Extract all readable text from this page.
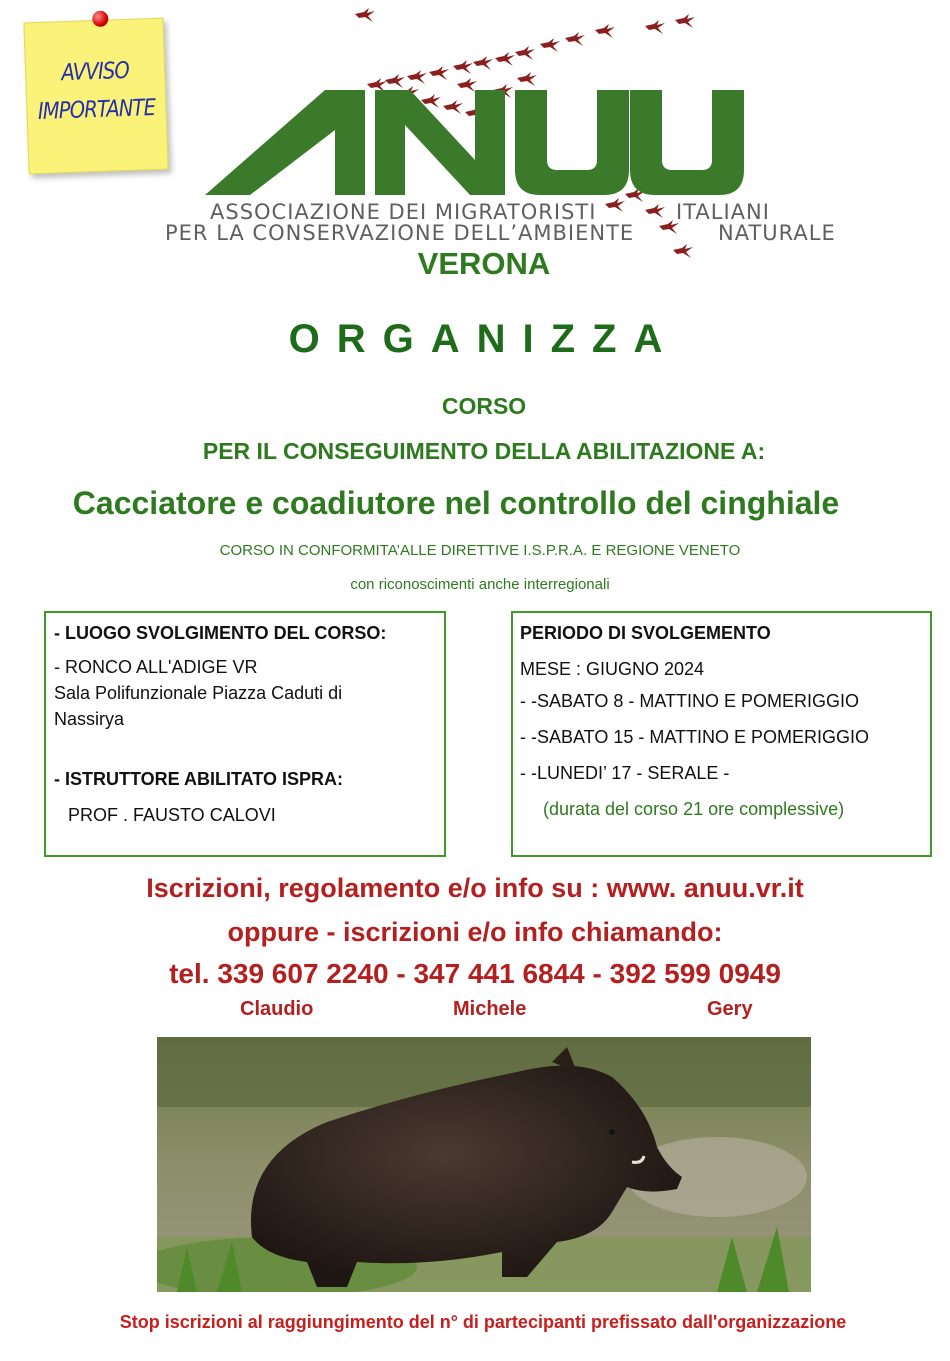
AVVISO
IMPORTANTE
ASSOCIAZIONE DEI MIGRATORISTI	ITALIANI
PER LA CONSERVAZIONE DELL’AMBIENTE	NATURALE
VERONA
ORGANIZZA
CORSO
PER IL CONSEGUIMENTO DELLA ABILITAZIONE A:
Cacciatore e coadiutore nel controllo del cinghiale
CORSO IN CONFORMITA’ALLE DIRETTIVE I.S.P.R.A. E REGIONE VENETO
con riconoscimenti anche interregionali
- LUOGO SVOLGIMENTO DEL CORSO:
- RONCO ALL'ADIGE VR
Sala Polifunzionale Piazza Caduti di
Nassirya
- ISTRUTTORE ABILITATO ISPRA:
PROF . FAUSTO CALOVI
PERIODO DI SVOLGEMENTO
MESE : GIUGNO 2024
- -SABATO 8 - MATTINO E POMERIGGIO
- -SABATO 15 - MATTINO E POMERIGGIO
- -LUNEDI’ 17 - SERALE -
(durata del corso 21 ore complessive)
Iscrizioni, regolamento e/o info su : www. anuu.vr.it
oppure - iscrizioni e/o info chiamando:
tel. 339 607 2240 - 347 441 6844 - 392 599 0949
Claudio	Michele	Gery
Stop iscrizioni al raggiungimento del n° di partecipanti prefissato dall'organizzazione
